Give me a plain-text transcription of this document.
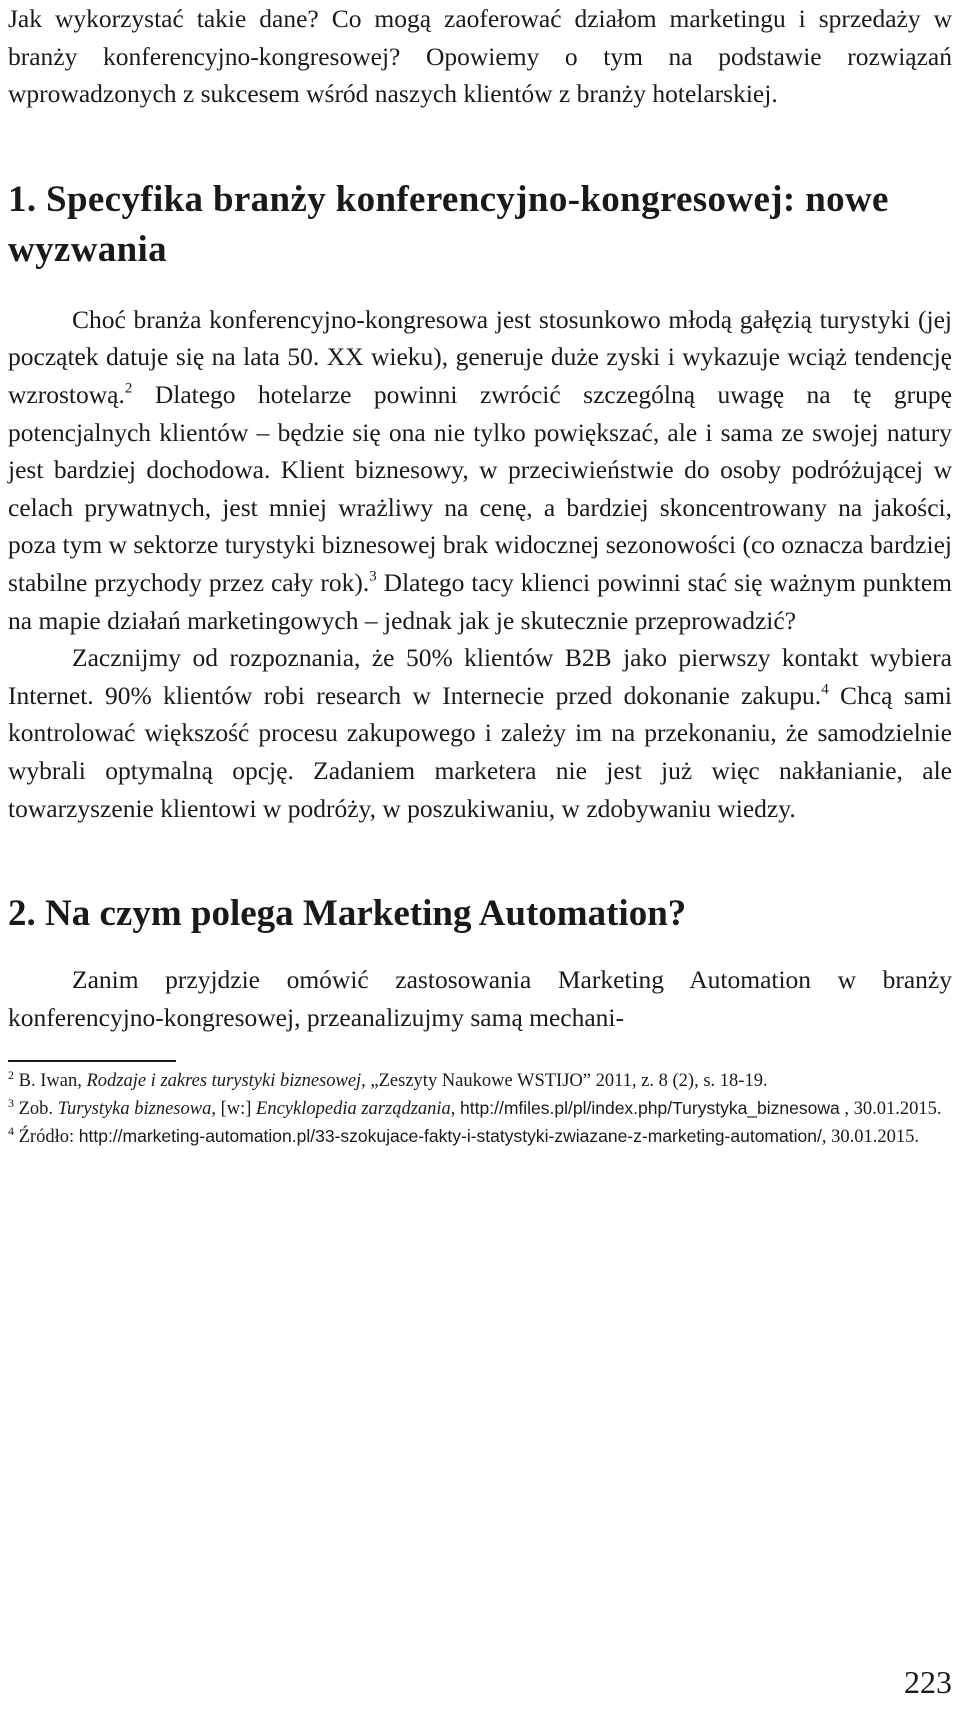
Jak wykorzystać takie dane? Co mogą zaoferować działom marketingu i sprzedaży w branży konferencyjno-kongresowej? Opowiemy o tym na podstawie rozwiązań wprowadzonych z sukcesem wśród naszych klientów z branży hotelarskiej.

1. Specyfika branży konferencyjno-kongresowej: nowe wyzwania

Choć branża konferencyjno-kongresowa jest stosunkowo młodą gałęzią turystyki (jej początek datuje się na lata 50. XX wieku), generuje duże zyski i wykazuje wciąż tendencję wzrostową.$^2$ Dlatego hotelarze powinni zwrócić szczególną uwagę na tę grupę potencjalnych klientów – będzie się ona nie tylko powiększać, ale i sama ze swojej natury jest bardziej dochodowa. Klient biznesowy, w przeciwieństwie do osoby podróżującej w celach prywatnych, jest mniej wrażliwy na cenę, a bardziej skoncentrowany na jakości, poza tym w sektorze turystyki biznesowej brak widocznej sezonowości (co oznacza bardziej stabilne przychody przez cały rok).$^3$ Dlatego tacy klienci powinni stać się ważnym punktem na mapie działań marketingowych – jednak jak je skutecznie przeprowadzić?

Zacznijmy od rozpoznania, że 50% klientów B2B jako pierwszy kontakt wybiera Internet. 90% klientów robi research w Internecie przed dokonanie zakupu.$^4$ Chcą sami kontrolować większość procesu zakupowego i zależy im na przekonaniu, że samodzielnie wybrali optymalną opcję. Zadaniem marketera nie jest już więc nakłanianie, ale towarzyszenie klientowi w podróży, w poszukiwaniu, w zdobywaniu wiedzy.

2. Na czym polega Marketing Automation?

Zanim przyjdzie omówić zastosowania Marketing Automation w branży konferencyjno-kongresowej, przeanalizujmy samą mechani-

$^2$ B. Iwan, Rodzaje i zakres turystyki biznesowej, „Zeszyty Naukowe WSTIJO” 2011, z. 8 (2), s. 18-19.

$^3$ Zob. Turystyka biznesowa, [w:] Encyklopedia zarządzania, http://mfiles.pl/pl/index.php/Turystyka_biznesowa , 30.01.2015.

$^4$ Źródło: http://marketing-automation.pl/33-szokujace-fakty-i-statystyki-zwiazane-z-marketing-automation/, 30.01.2015.

223
